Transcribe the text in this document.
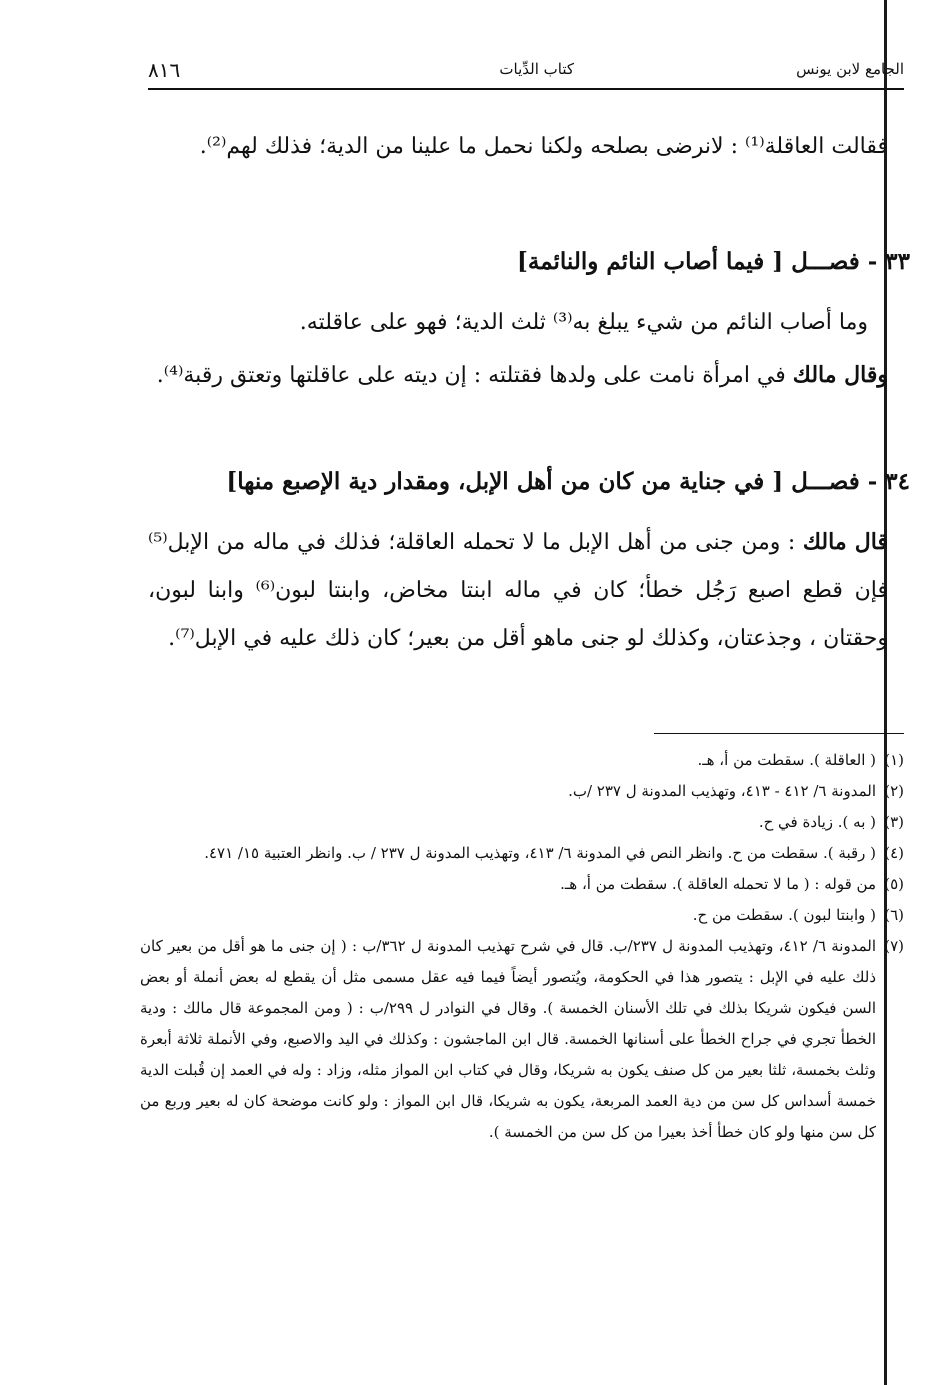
الجامع لابن يونس
كتاب الدِّيات
٨١٦
فقالت العاقلة⁽¹⁾ : لانرضى بصلحه ولكنا نحمل ما علينا من الدية؛ فذلك لهم⁽²⁾.
٣٣ - فصـــل [ فيما أصاب النائم والنائمة]
وما أصاب النائم من شيء يبلغ به⁽³⁾ ثلث الدية؛ فهو على عاقلته.
وقال مالك في امرأة نامت على ولدها فقتلته : إن ديته على عاقلتها وتعتق رقبة⁽⁴⁾.
٣٤ - فصـــل [ في جناية من كان من أهل الإبل، ومقدار دية الإصبع منها]
قال مالك : ومن جنى من أهل الإبل ما لا تحمله العاقلة؛ فذلك في ماله من الإبل⁽⁵⁾ فإن قطع اصبع رَجُل خطأ؛ كان في ماله ابنتا مخاض، وابنتا لبون⁽⁶⁾ وابنا لبون، وحقتان ، وجذعتان، وكذلك لو جنى ماهو أقل من بعير؛ كان ذلك عليه في الإبل⁽⁷⁾.
(١)
( العاقلة ). سقطت من أ، هـ.
(٢)
المدونة ٦/ ٤١٢ - ٤١٣، وتهذيب المدونة ل ٢٣٧ /ب.
(٣)
( به ). زيادة في ح.
(٤)
( رقبة ). سقطت من ح. وانظر النص في المدونة ٦/ ٤١٣، وتهذيب المدونة ل ٢٣٧ / ب. وانظر العتبية ١٥/ ٤٧١.
(٥)
من قوله : ( ما لا تحمله العاقلة ). سقطت من أ، هـ.
(٦)
( وابنتا لبون ). سقطت من ح.
(٧)
المدونة ٦/ ٤١٢، وتهذيب المدونة ل ٢٣٧/ب. قال في شرح تهذيب المدونة ل ٣٦٢/ب : ( إن جنى ما هو أقل من بعير كان ذلك عليه في الإبل : يتصور هذا في الحكومة، ويُتصور أيضاً فيما فيه عقل مسمى مثل أن يقطع له بعض أنملة أو بعض السن فيكون شريكا بذلك في تلك الأسنان الخمسة ). وقال في النوادر ل ٢٩٩/ب : ( ومن المجموعة قال مالك : ودية الخطأ تجري في جراح الخطأ على أسنانها الخمسة. قال ابن الماجشون : وكذلك في اليد والاصبع، وفي الأنملة ثلاثة أبعرة وثلث بخمسة، ثلثا بعير من كل صنف يكون به شريكا، وقال في كتاب ابن المواز مثله، وزاد : وله في العمد إن قُبلت الدية خمسة أسداس كل سن من دية العمد المربعة، يكون به شريكا، قال ابن المواز : ولو كانت موضحة كان له بعير وربع من كل سن منها ولو كان خطأ أخذ بعيرا من كل سن من الخمسة ).
